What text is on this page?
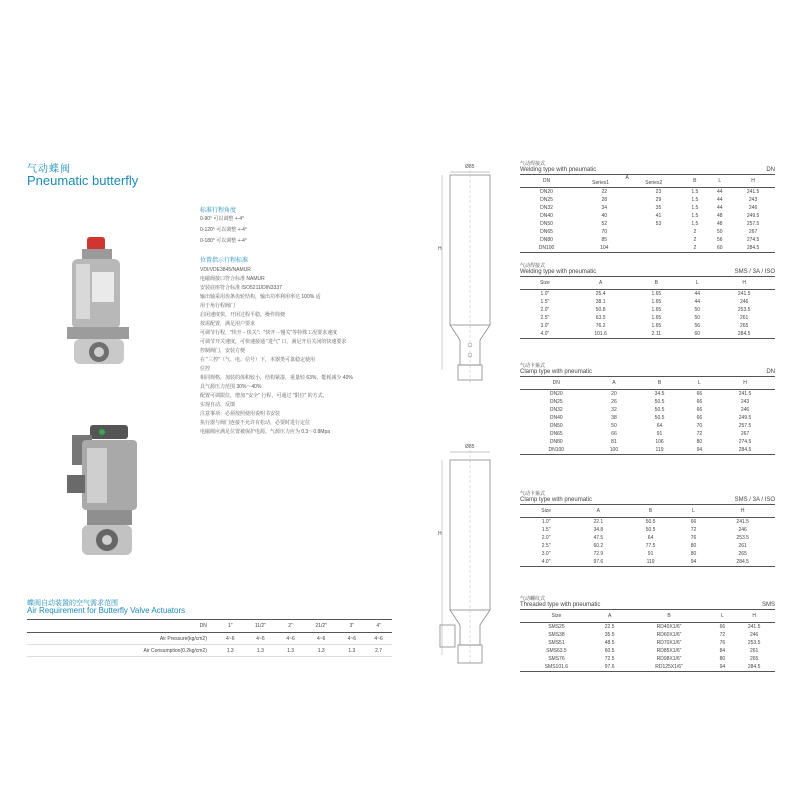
气动蝶阀
Pneumatic butterfly
标准行程角度
0-90° 可以调整 +-4°
0-120° 可以调整 +-4°
0-180° 可以调整 +-4°
位置指示行程标准
VDI/VDE3845/NAMUR
电磁阀接口符合标准 NAMUR
安装底座符合标准 ISO5211/DIN3337
输出轴采用齿条齿轮结构，输出功率利用率达 100% 适
用于角行程阀门
启闭速度快，开闭过程平稳，操作简便
按需配置，满足用户要求
可调节行程，"快开－快关"；"快开－慢关"等特殊工况要求速度
可调节开关速度，可快速接通 "进气" 口，满足开启关闭的快速要求
控制阀门，安装方便
在 "三控"（气、电、信号）下，本器类可靠稳定使用
位控
相同规格，加装的体积较小，结构紧凑，重量轻 63%，能耗减少 40%
具气源压力范围 30%～40%
配置可调限位，增加 "安全" 行程，可通过 "限位" 的方式，
实现自动、反馈
注意事项：必须按照使用说明书安装
执行器与阀门连接不允许有松动，必要时进行定位
电磁阀应满足位置被保护电源，气源压力应为 0.3～0.8Mpa
蝶阀自动装置的空气需求范围
Air Requirement for Butterfly Valve Actuators
DN	1"	11/2"	2"	21/2"	3"	4"
Air Pressure(kg/cm2)	4~6	4~6	4~6	4~6	4~6	4~6
Air Consumption(0.2kg/cm2)	1.3	1.3	1.3	1.3	1.3	2.7
Ø85
H
Ø85
H
气动焊接式
Welding type with pneumatic	DN
DN	A
Series1 Series2		B	L	H
DN20	22	23	1.5	44	241.5
DN25	28	29	1.5	44	243
DN32	34	35	1.5	44	246
DN40	40	41	1.5	48	249.5
DN50	52	53	1.5	48	257.5
DN65	70		2	50	267
DN80	85		2	56	274.5
DN100	104		2	60	284.5
气动焊接式
Welding type with pneumatic	SMS / 3A / ISO
Size	A	B	L	H
1.0"	25.4	1.65	44	241.5
1.5"	38.1	1.65	44	246
2.0"	50.8	1.65	50	253.5
2.5"	63.5	1.65	50	261
3.0"	76.2	1.65	56	265
4.0"	101.6	2.11	60	284.5
气动卡箍式
Clamp type with pneumatic	DN
DN	A	B	L	H
DN20	20	34.5	66	241.5
DN25	26	50.5	66	243
DN32	32	50.5	66	246
DN40	38	50.5	66	249.5
DN50	50	64	70	257.5
DN65	66	91	72	267
DN80	81	106	80	274.5
DN100	100	119	94	284.5
气动卡箍式
Clamp type with pneumatic	SMS / 3A / ISO
Size	A	B	L	H
1.0"	22.1	50.5	66	241.5
1.5"	34.8	50.5	72	246
2.0"	47.5	64	76	253.5
2.5"	60.2	77.5	80	261
3.0"	72.9	91	80	265
4.0"	97.6	119	94	284.5
气动螺纹式
Threaded type with pneumatic	SMS
Size	A	B	L	H
SMS25	22.5	RD40X1/6"	66	241.5
SMS38	35.5	RD60X1/6"	72	246
SMS51	48.5	RD70X1/6"	76	253.5
SMS63.5	60.5	RD85X1/6"	84	261
SMS76	72.5	RD98X1/6"	80	265
SMS101.6	97.6	RD125X1/6"	94	284.5
